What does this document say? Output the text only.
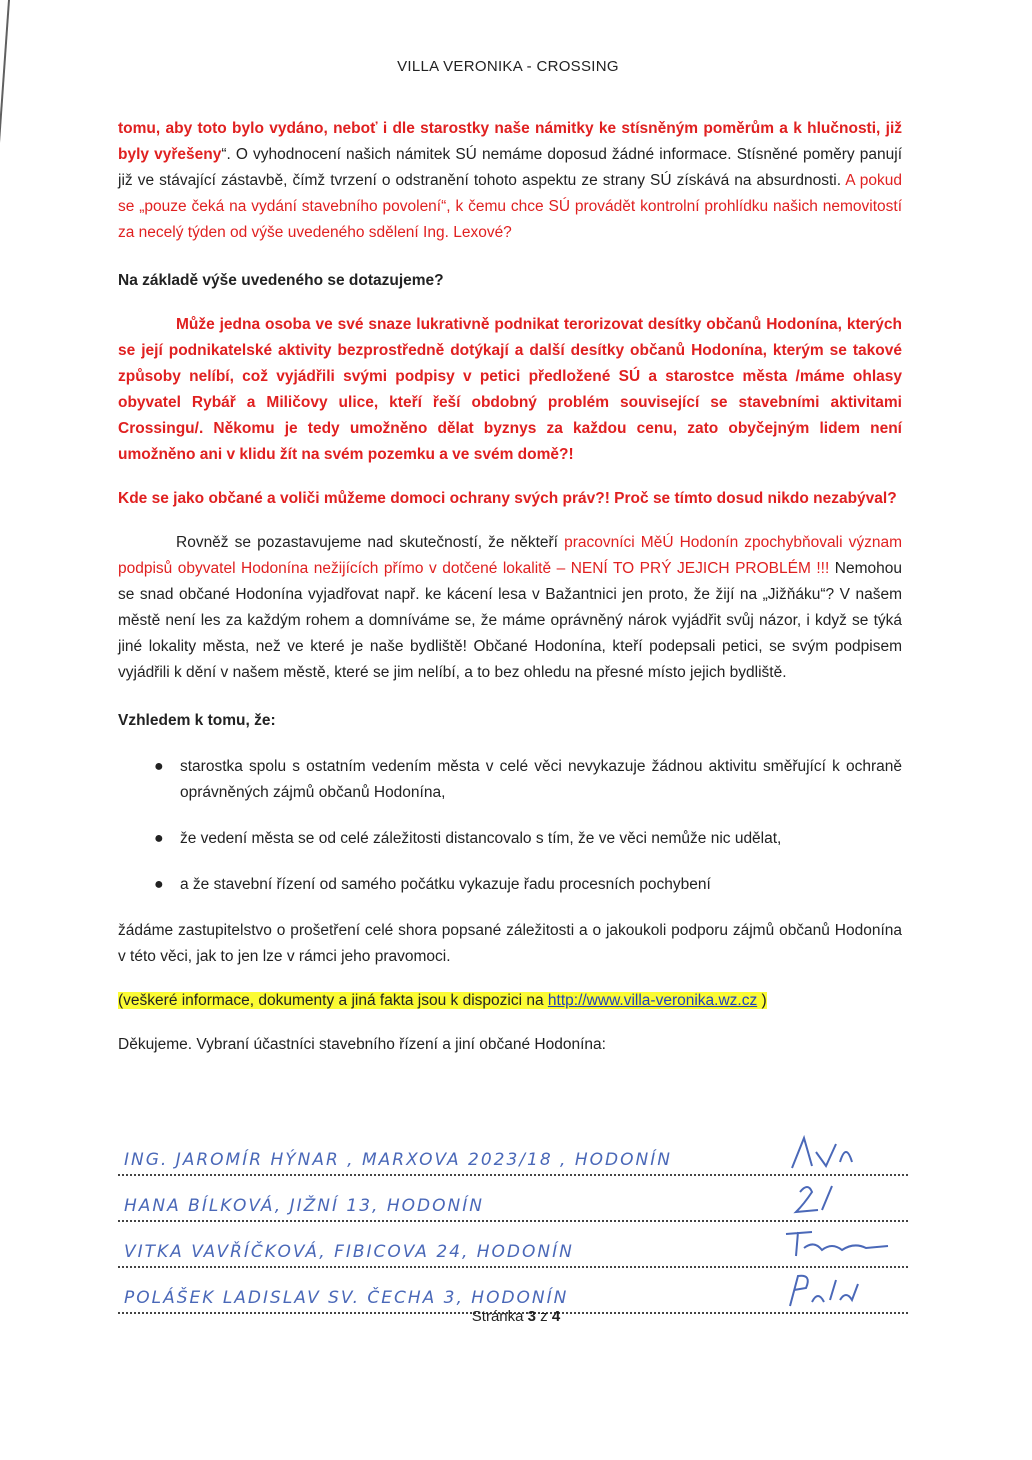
VILLA VERONIKA - CROSSING

tomu, aby toto bylo vydáno, neboť i dle starostky naše námitky ke stísněným poměrům a k hlučnosti, již byly vyřešeny“. O vyhodnocení našich námitek SÚ nemáme doposud žádné informace. Stísněné poměry panují již ve stávající zástavbě, čímž tvrzení o odstranění tohoto aspektu ze strany SÚ získává na absurdnosti. A pokud se „pouze čeká na vydání stavebního povolení“, k čemu chce SÚ provádět kontrolní prohlídku našich nemovitostí za necelý týden od výše uvedeného sdělení Ing. Lexové?

Na základě výše uvedeného se dotazujeme?

Může jedna osoba ve své snaze lukrativně podnikat terorizovat desítky občanů Hodonína, kterých se její podnikatelské aktivity bezprostředně dotýkají a další desítky občanů Hodonína, kterým se takové způsoby nelíbí, což vyjádřili svými podpisy v petici předložené SÚ a starostce města /máme ohlasy obyvatel Rybář a Miličovy ulice, kteří řeší obdobný problém související se stavebními aktivitami Crossingu/. Někomu je tedy umožněno dělat byznys za každou cenu, zato obyčejným lidem není umožněno ani v klidu žít na svém pozemku a ve svém domě?!

Kde se jako občané a voliči můžeme domoci ochrany svých práv?! Proč se tímto dosud nikdo nezabýval?

Rovněž se pozastavujeme nad skutečností, že někteří pracovníci MěÚ Hodonín zpochybňovali význam podpisů obyvatel Hodonína nežijících přímo v dotčené lokalitě – NENÍ TO PRÝ JEJICH PROBLÉM !!! Nemohou se snad občané Hodonína vyjadřovat např. ke kácení lesa v Bažantnici jen proto, že žijí na „Jižňáku“? V našem městě není les za každým rohem a domníváme se, že máme oprávněný nárok vyjádřit svůj názor, i když se týká jiné lokality města, než ve které je naše bydliště! Občané Hodonína, kteří podepsali petici, se svým podpisem vyjádřili k dění v našem městě, které se jim nelíbí, a to bez ohledu na přesné místo jejich bydliště.

Vzhledem k tomu, že:

● starostka spolu s ostatním vedením města v celé věci nevykazuje žádnou aktivitu směřující k ochraně oprávněných zájmů občanů Hodonína,
● že vedení města se od celé záležitosti distancovalo s tím, že ve věci nemůže nic udělat,
● a že stavební řízení od samého počátku vykazuje řadu procesních pochybení

žádáme zastupitelstvo o prošetření celé shora popsané záležitosti a o jakoukoli podporu zájmů občanů Hodonína v této věci, jak to jen lze v rámci jeho pravomoci.

(veškeré informace, dokumenty a jiná fakta jsou k dispozici na http://www.villa-veronika.wz.cz )

Děkujeme. Vybraní účastníci stavebního řízení a jiní občané Hodonína:

ING. JAROMÍR HÝNAR , MARXOVA 2023/18 , HODONÍN
HANA BÍLKOVÁ, JIŽNÍ 13, HODONÍN
VITKA VAVŘÍČKOVÁ, FIBICOVA 24, HODONÍN
POLÁŠEK LADISLAV SV. ČECHA 3, HODONÍN
Stránka 3 z 4
